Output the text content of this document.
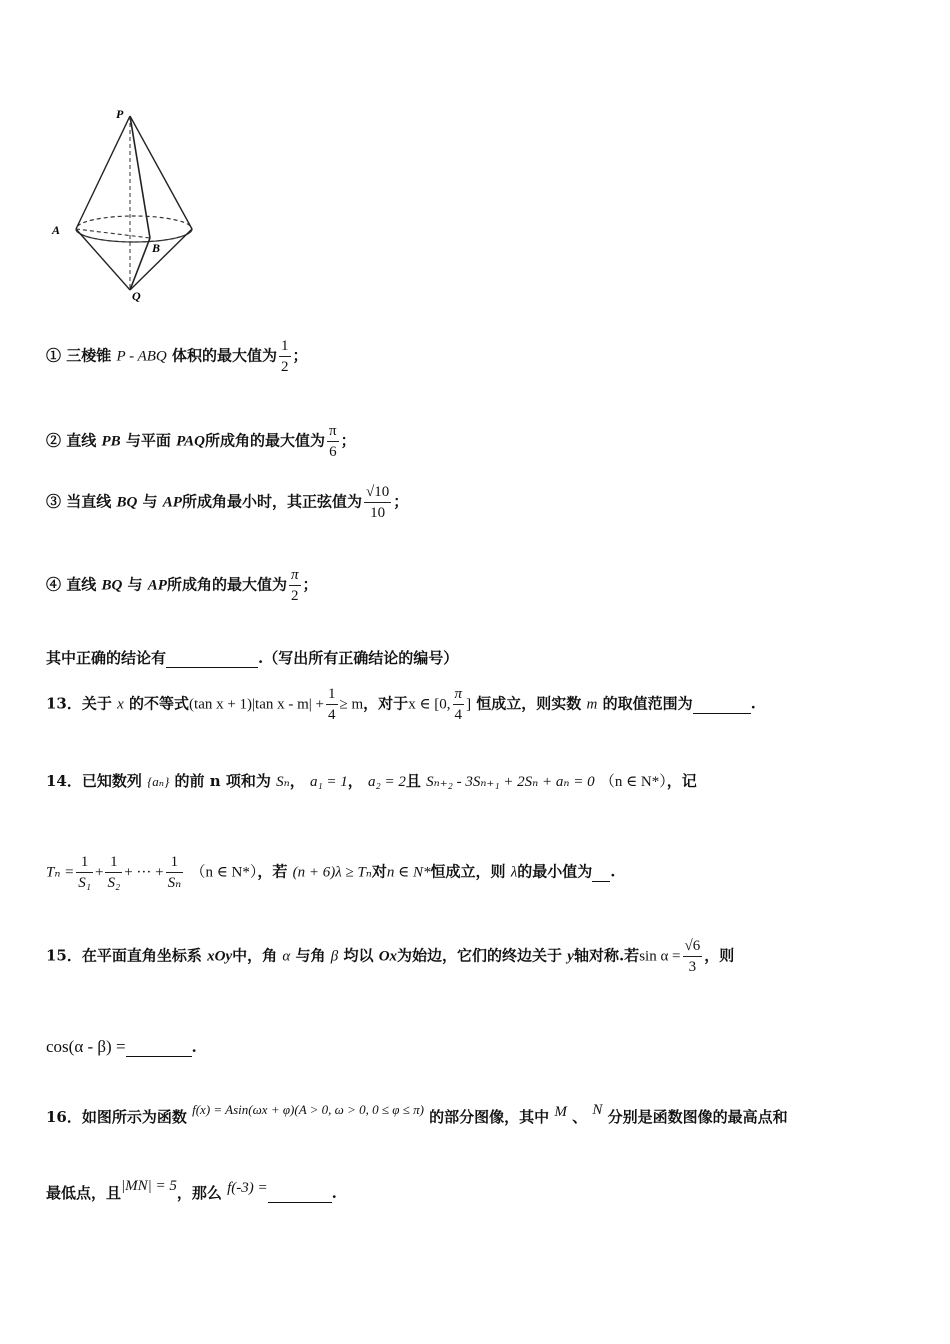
P
A
B
Q
① 三棱锥 P - ABQ 体积的最大值为 $\frac{1}{2}$ ；
② 直线 PB 与平面 PAQ所成角的最大值为 $\frac{\pi}{6}$ ；
③ 当直线 BQ 与 AP所成角最小时，其正弦值为 $\frac{√10}{10}$ ；
④ 直线 BQ 与 AP所成角的最大值为 $\frac{\pi}{2}$ ；
其中正确的结论有	.（写出所有正确结论的编号）
13．关于 x 的不等式(tan x + 1)|tan $x - m| + \frac{1}{4} \ge m$，对于x ∈ [0, $\frac{\pi}{4}$ ] 恒成立，则实数 m 的取值范围为	.
14．已知数列 {aₙ} 的前 n 项和为 Sₙ， a₁ = 1， a₂ = 2且 Sₙ₊₂ - 3Sₙ₊₁ + 2Sₙ + aₙ = 0 （n ∈ N*），记
$T_n = \frac{1}{\text{S₁}} + \frac{1}{\text{S₂}}$ + ··· + $\frac{1}{\text{Sₙ}} (n$ ∈ N*），若 (n + 6)λ ≥ Tₙ对n ∈ N*恒成立，则 λ的最小值为 .
15．在平面直角坐标系 xOy中，角 α 与角 β 均以 Ox为始边，它们的终边关于 y轴对称.若$\sin \alpha = \frac{√6}{3}$ ，则
cos(α - β) =	.
16．如图所示为函数 f(x) = Asin(ωx + φ)(A > 0, ω > 0, 0 ≤ φ ≤ π) 的部分图像，其中 M 、 N 分别是函数图像的最高点和
最低点，且|MN| = 5，那么 f(-3) =	.
